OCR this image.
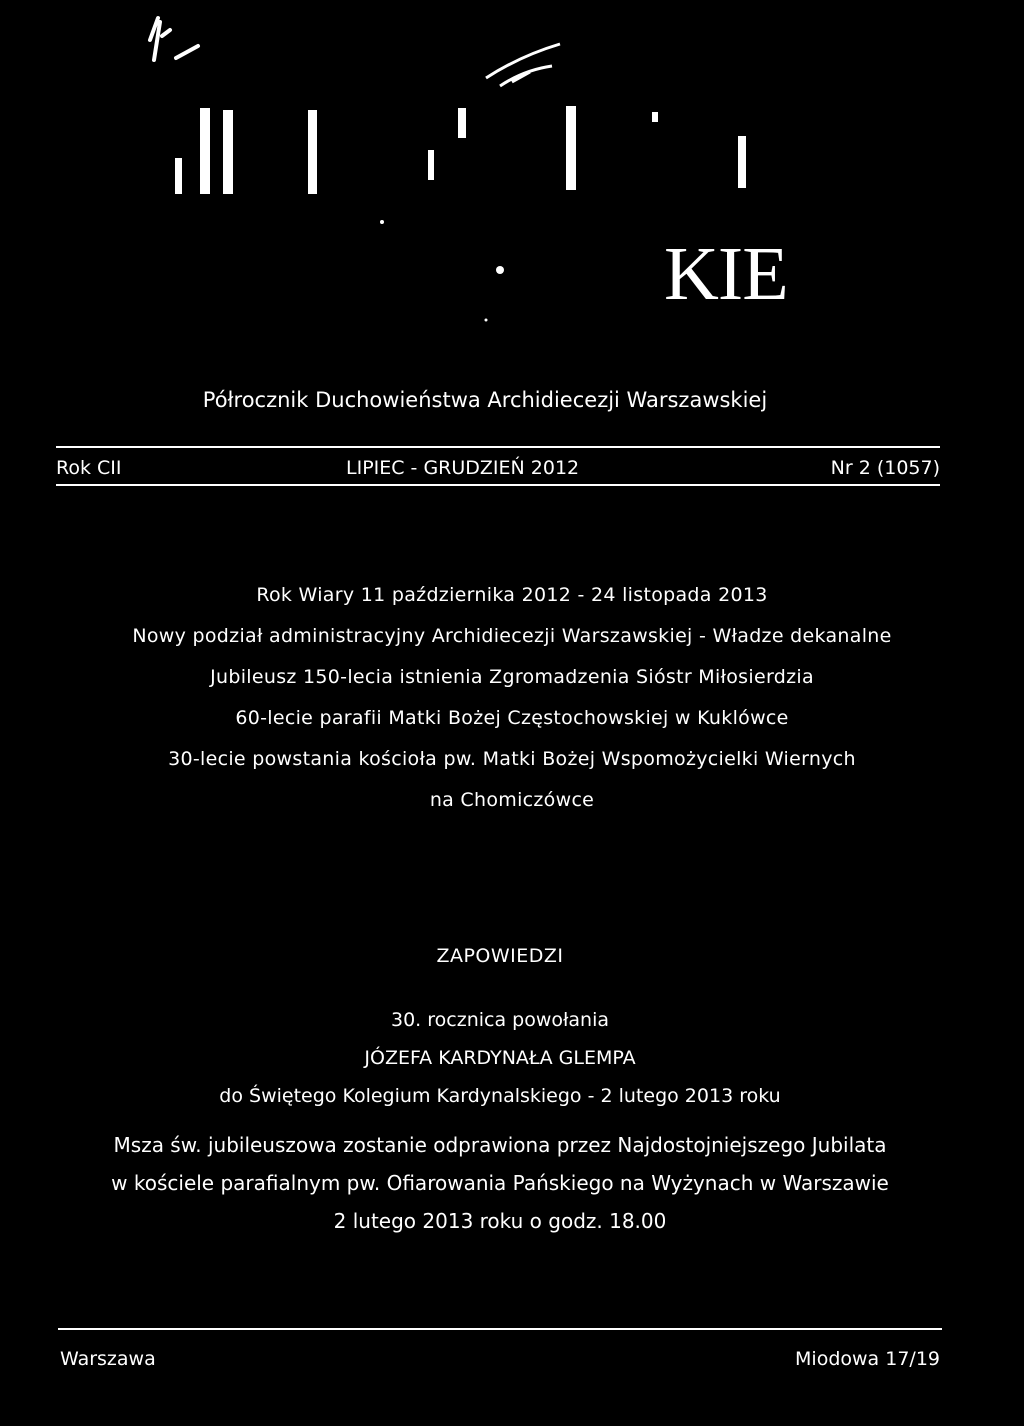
KIE
Półrocznik Duchowieństwa Archidiecezji Warszawskiej
Rok CII	LIPIEC - GRUDZIEŃ 2012	Nr 2 (1057)
Rok Wiary 11 października 2012 - 24 listopada 2013
Nowy podział administracyjny Archidiecezji Warszawskiej - Władze dekanalne
Jubileusz 150-lecia istnienia Zgromadzenia Sióstr Miłosierdzia
60-lecie parafii Matki Bożej Częstochowskiej w Kuklówce
30-lecie powstania kościoła pw. Matki Bożej Wspomożycielki Wiernych
na Chomiczówce
ZAPOWIEDZI
30. rocznica powołania
JÓZEFA KARDYNAŁA GLEMPA
do Świętego Kolegium Kardynalskiego - 2 lutego 2013 roku
Msza św. jubileuszowa zostanie odprawiona przez Najdostojniejszego Jubilata
w kościele parafialnym pw. Ofiarowania Pańskiego na Wyżynach w Warszawie
2 lutego 2013 roku o godz. 18.00
Warszawa	Miodowa 17/19
